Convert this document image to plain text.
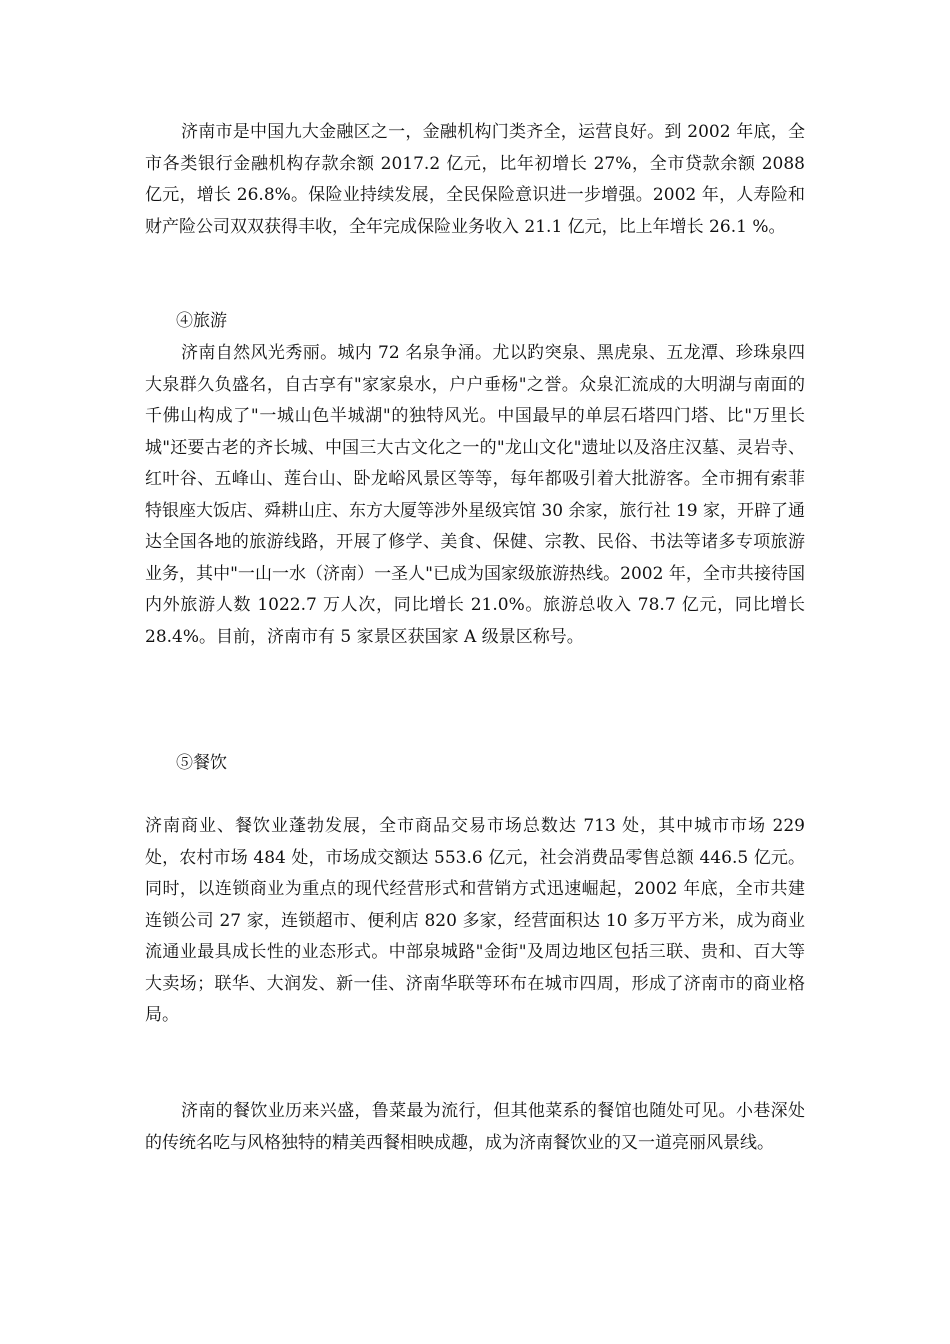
济南市是中国九大金融区之一，金融机构门类齐全，运营良好。到 2002 年底，全市各类银行金融机构存款余额 2017.2 亿元，比年初增长 27%，全市贷款余额 2088 亿元，增长 26.8%。保险业持续发展，全民保险意识进一步增强。2002 年，人寿险和财产险公司双双获得丰收，全年完成保险业务收入 21.1 亿元，比上年增长 26.1 %。

④旅游

济南自然风光秀丽。城内 72 名泉争涌。尤以趵突泉、黑虎泉、五龙潭、珍珠泉四大泉群久负盛名，自古享有"家家泉水，户户垂杨"之誉。众泉汇流成的大明湖与南面的千佛山构成了"一城山色半城湖"的独特风光。中国最早的单层石塔四门塔、比"万里长城"还要古老的齐长城、中国三大古文化之一的"龙山文化"遗址以及洛庄汉墓、灵岩寺、红叶谷、五峰山、莲台山、卧龙峪风景区等等，每年都吸引着大批游客。全市拥有索菲特银座大饭店、舜耕山庄、东方大厦等涉外星级宾馆 30 余家，旅行社 19 家，开辟了通达全国各地的旅游线路，开展了修学、美食、保健、宗教、民俗、书法等诸多专项旅游业务，其中"一山一水（济南）一圣人"已成为国家级旅游热线。2002 年，全市共接待国内外旅游人数 1022.7 万人次，同比增长 21.0%。旅游总收入 78.7 亿元，同比增长 28.4%。目前，济南市有 5 家景区获国家 A 级景区称号。

⑤餐饮

济南商业、餐饮业蓬勃发展，全市商品交易市场总数达 713 处，其中城市市场 229 处，农村市场 484 处，市场成交额达 553.6 亿元，社会消费品零售总额 446.5 亿元。同时，以连锁商业为重点的现代经营形式和营销方式迅速崛起，2002 年底，全市共建连锁公司 27 家，连锁超市、便利店 820 多家，经营面积达 10 多万平方米，成为商业流通业最具成长性的业态形式。中部泉城路"金街"及周边地区包括三联、贵和、百大等大卖场；联华、大润发、新一佳、济南华联等环布在城市四周，形成了济南市的商业格局。

济南的餐饮业历来兴盛，鲁菜最为流行，但其他菜系的餐馆也随处可见。小巷深处的传统名吃与风格独特的精美西餐相映成趣，成为济南餐饮业的又一道亮丽风景线。
